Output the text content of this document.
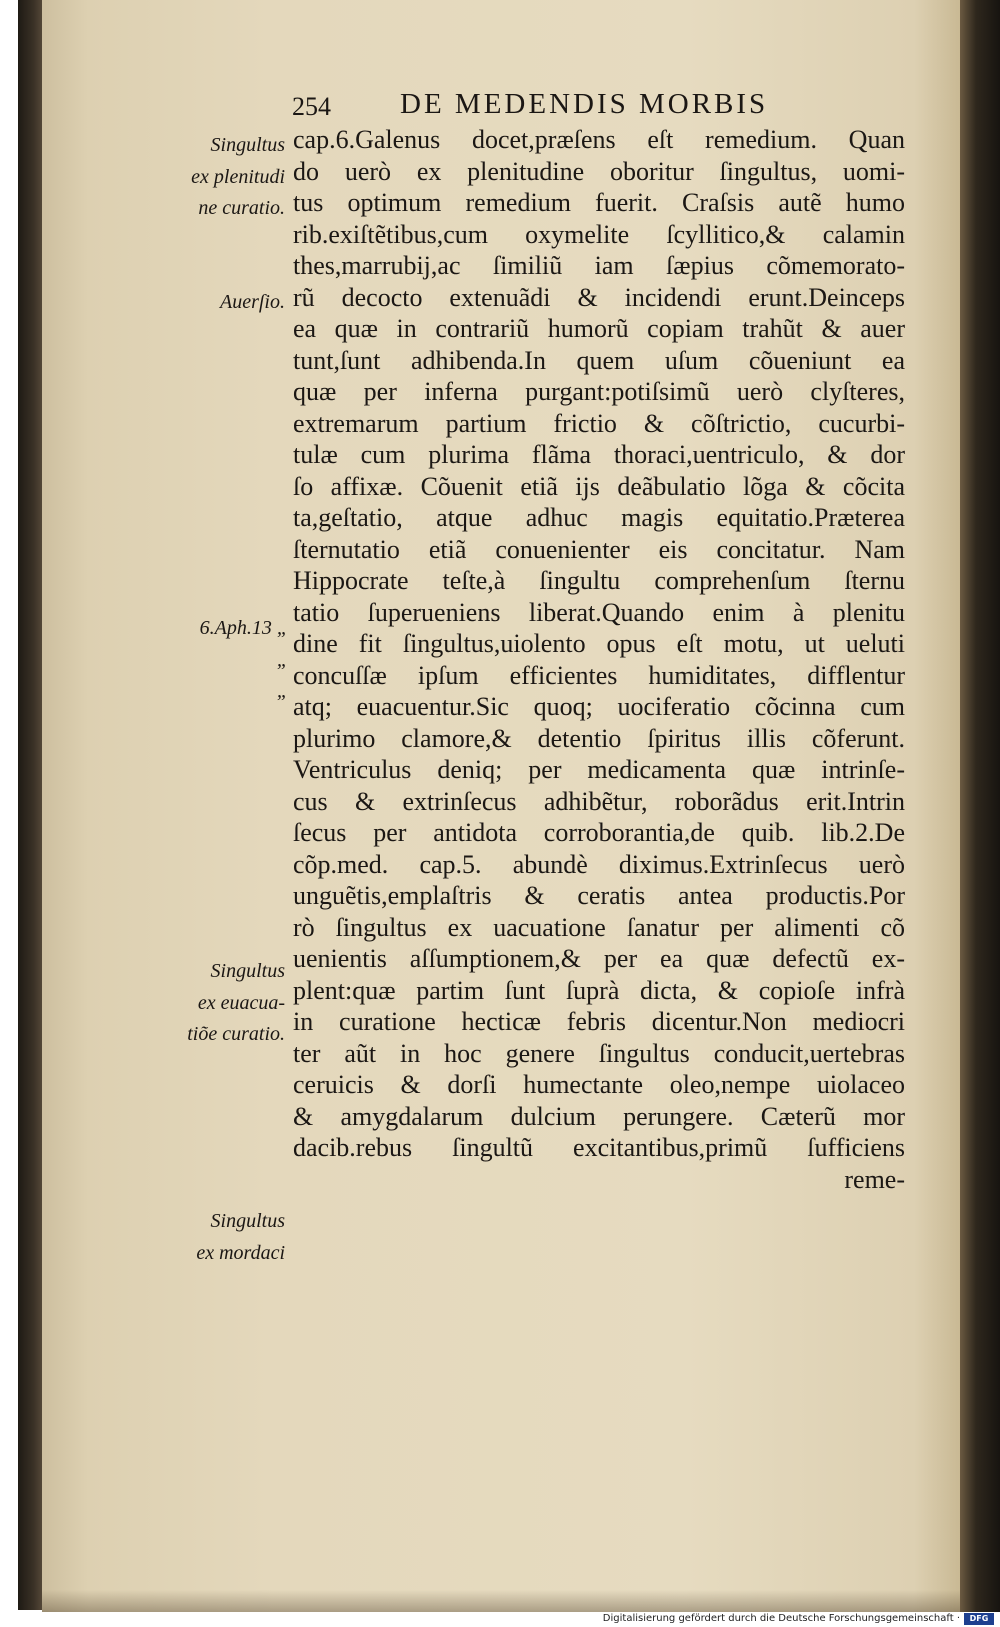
254 DE MEDENDIS MORBIS
Singultus
ex plenitudi
ne curatio.
Auerſio.
6.Aph.13 „
„
„
Singultus
ex euacua-
tiõe curatio.
Singultus
ex mordaci
cap.6.Galenus docet,præſens eſt remedium. Quan
do uerò ex plenitudine oboritur ſingultus, uomi-
tus optimum remedium fuerit. Craſsis autẽ humo
rib.exiſtẽtibus,cum oxymelite ſcyllitico,& calamin
thes,marrubij,ac ſimiliũ iam ſæpius cõmemorato-
rũ decocto extenuãdi & incidendi erunt.Deinceps
ea quæ in contrariũ humorũ copiam trahũt & auer
tunt,ſunt adhibenda.In quem uſum cõueniunt ea
quæ per inferna purgant:potiſsimũ uerò clyſteres,
extremarum partium frictio & cõſtrictio, cucurbi-
tulæ cum plurima flãma thoraci,uentriculo, & dor
ſo affixæ. Cõuenit etiã ijs deãbulatio lõga & cõcita
ta,geſtatio, atque adhuc magis equitatio.Præterea
ſternutatio etiã conuenienter eis concitatur. Nam
Hippocrate teſte,à ſingultu comprehenſum ſternu
tatio ſuperueniens liberat.Quando enim à plenitu
dine fit ſingultus,uiolento opus eſt motu, ut ueluti
concuſſæ ipſum efficientes humiditates, difflentur
atq; euacuentur.Sic quoq; uociferatio cõcinna cum
plurimo clamore,& detentio ſpiritus illis cõferunt.
Ventriculus deniq; per medicamenta quæ intrinſe-
cus & extrinſecus adhibẽtur, roborãdus erit.Intrin
ſecus per antidota corroborantia,de quib. lib.2.De
cõp.med. cap.5. abundè diximus.Extrinſecus uerò
unguẽtis,emplaſtris & ceratis antea productis.Por
rò ſingultus ex uacuatione ſanatur per alimenti cõ
uenientis aſſumptionem,& per ea quæ defectũ ex-
plent:quæ partim ſunt ſuprà dicta, & copioſe infrà
in curatione hecticæ febris dicentur.Non mediocri
ter aũt in hoc genere ſingultus conducit,uertebras
ceruicis & dorſi humectante oleo,nempe uiolaceo
& amygdalarum dulcium perungere. Cæterũ mor
dacib.rebus ſingultũ excitantibus,primũ ſufficiens
reme-
Digitalisierung gefördert durch die Deutsche Forschungsgemeinschaft ·	DFG
